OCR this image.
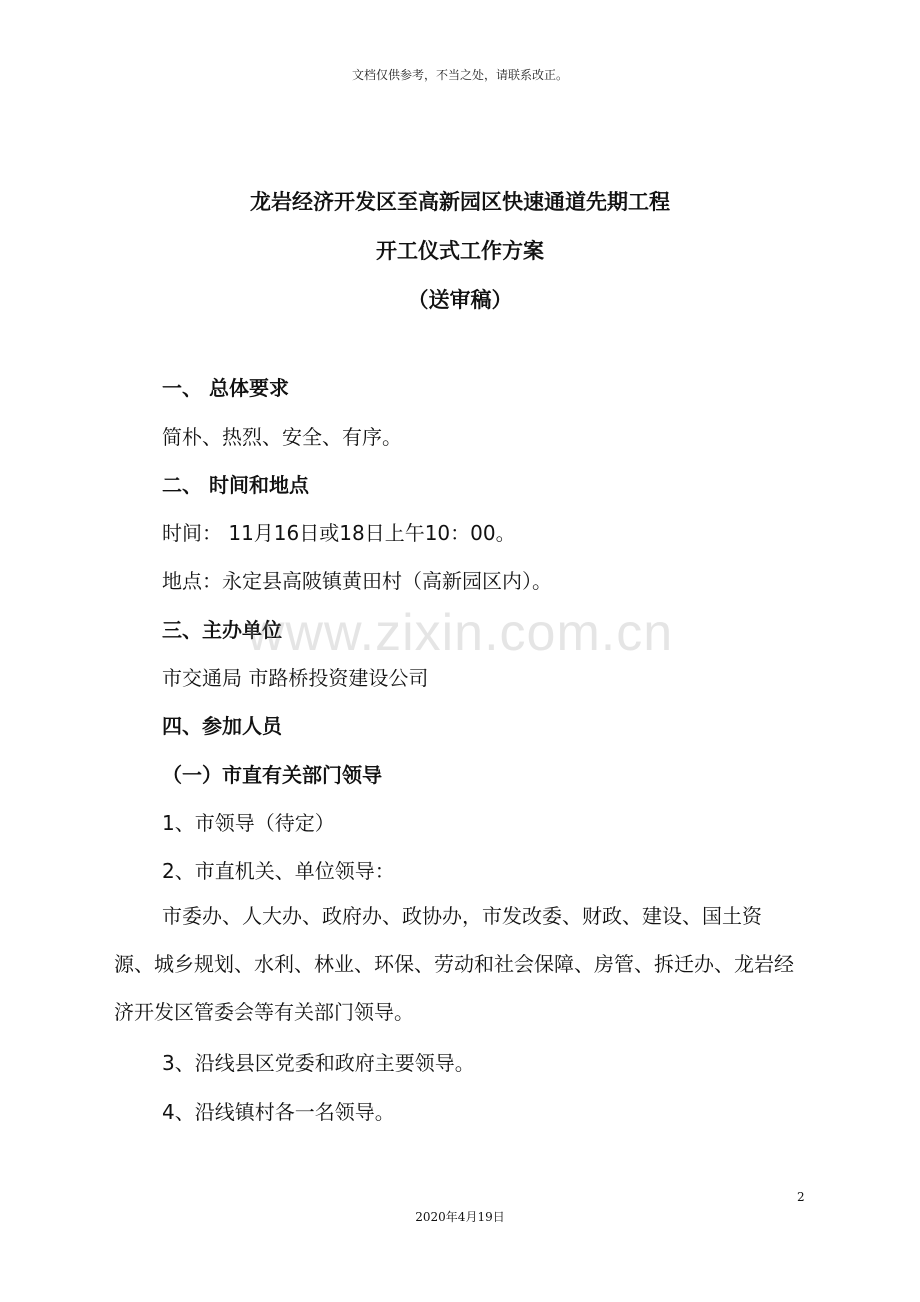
文档仅供参考，不当之处，请联系改正。
龙岩经济开发区至高新园区快速通道先期工程
开工仪式工作方案
（送审稿）
一、 总体要求
简朴、热烈、安全、有序。
二、 时间和地点
时间： 11月16日或18日上午10：00。
地点：永定县高陂镇黄田村（高新园区内）。
三、主办单位
市交通局 市路桥投资建设公司
四、参加人员
（一）市直有关部门领导
1、市领导（待定）
2、市直机关、单位领导：
市委办、人大办、政府办、政协办，市发改委、财政、建设、国土资源、城乡规划、水利、林业、环保、劳动和社会保障、房管、拆迁办、龙岩经济开发区管委会等有关部门领导。
3、沿线县区党委和政府主要领导。
4、沿线镇村各一名领导。
www.zixin.com.cn
2
2020年4月19日
